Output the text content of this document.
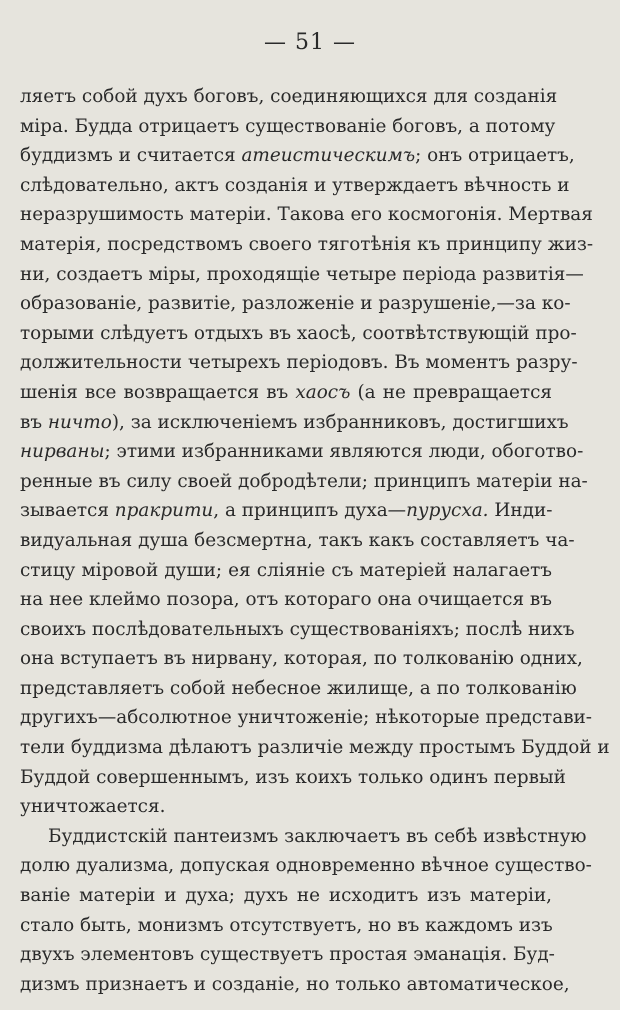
— 51 —
ляетъ собой духъ боговъ, соединяющихся для созданія
міра. Будда отрицаетъ существованіе боговъ, а потому
буддизмъ и считается атеистическимъ; онъ отрицаетъ,
слѣдовательно, актъ созданія и утверждаетъ вѣчность и
неразрушимость матеріи. Такова его космогонія. Мертвая
матерія, посредствомъ своего тяготѣнія къ принципу жиз-
ни, создаетъ міры, проходящіе четыре періода развитія—
образованіе, развитіе, разложеніе и разрушеніе,—за ко-
торыми слѣдуетъ отдыхъ въ хаосѣ, соотвѣтствующій про-
должительности четырехъ періодовъ. Въ моментъ разру-
шенія все возвращается въ хаосъ (а не превращается
въ ничто), за исключеніемъ избранниковъ, достигшихъ
нирваны; этими избранниками являются люди, обоготво-
ренные въ силу своей добродѣтели; принципъ матеріи на-
зывается пракрити, а принципъ духа—пурусха. Инди-
видуальная душа безсмертна, такъ какъ составляетъ ча-
стицу міровой души; ея сліяніе съ матеріей налагаетъ
на нее клеймо позора, отъ котораго она очищается въ
своихъ послѣдовательныхъ существованіяхъ; послѣ нихъ
она вступаетъ въ нирвану, которая, по толкованію одних,
представляетъ собой небесное жилище, а по толкованію
другихъ—абсолютное уничтоженіе; нѣкоторые представи-
тели буддизма дѣлаютъ различіе между простымъ Буддой и
Буддой совершеннымъ, изъ коихъ только одинъ первый
уничтожается.
Буддистскій пантеизмъ заключаетъ въ себѣ извѣстную
долю дуализма, допуская одновременно вѣчное существо-
ваніе матеріи и духа; духъ не исходитъ изъ матеріи,
стало быть, монизмъ отсутствуетъ, но въ каждомъ изъ
двухъ элементовъ существуетъ простая эманація. Буд-
дизмъ признаетъ и созданіе, но только автоматическое,
